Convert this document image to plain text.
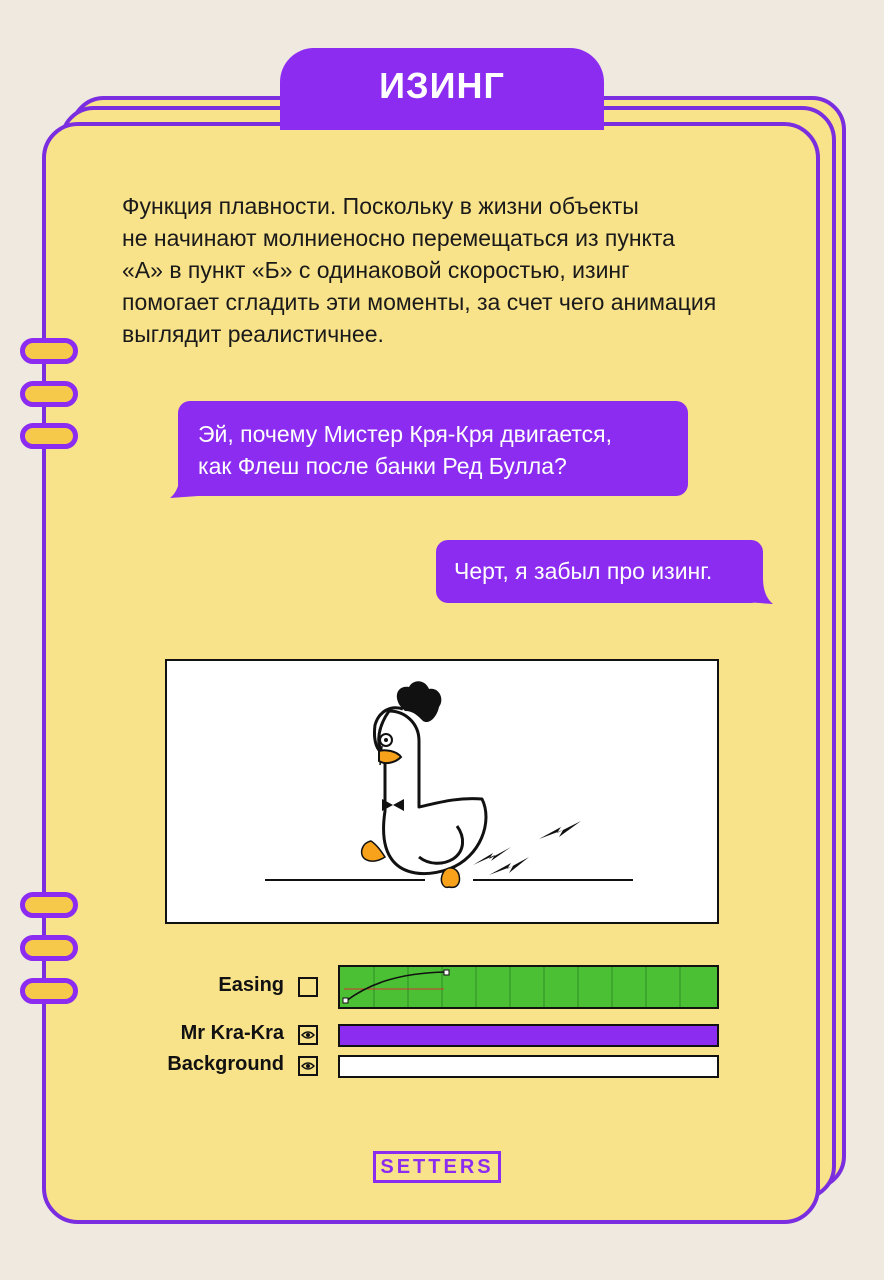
ИЗИНГ

Функция плавности. Поскольку в жизни объекты
не начинают молниеносно перемещаться из пункта
«А» в пункт «Б» с одинаковой скоростью, изинг
помогает сгладить эти моменты, за счет чего анимация
выглядит реалистичнее.

Эй, почему Мистер Кря-Кря двигается,
как Флеш после банки Ред Булла?
Черт, я забыл про изинг.
Easing
Mr Kra-Kra
Background
SETTERS
